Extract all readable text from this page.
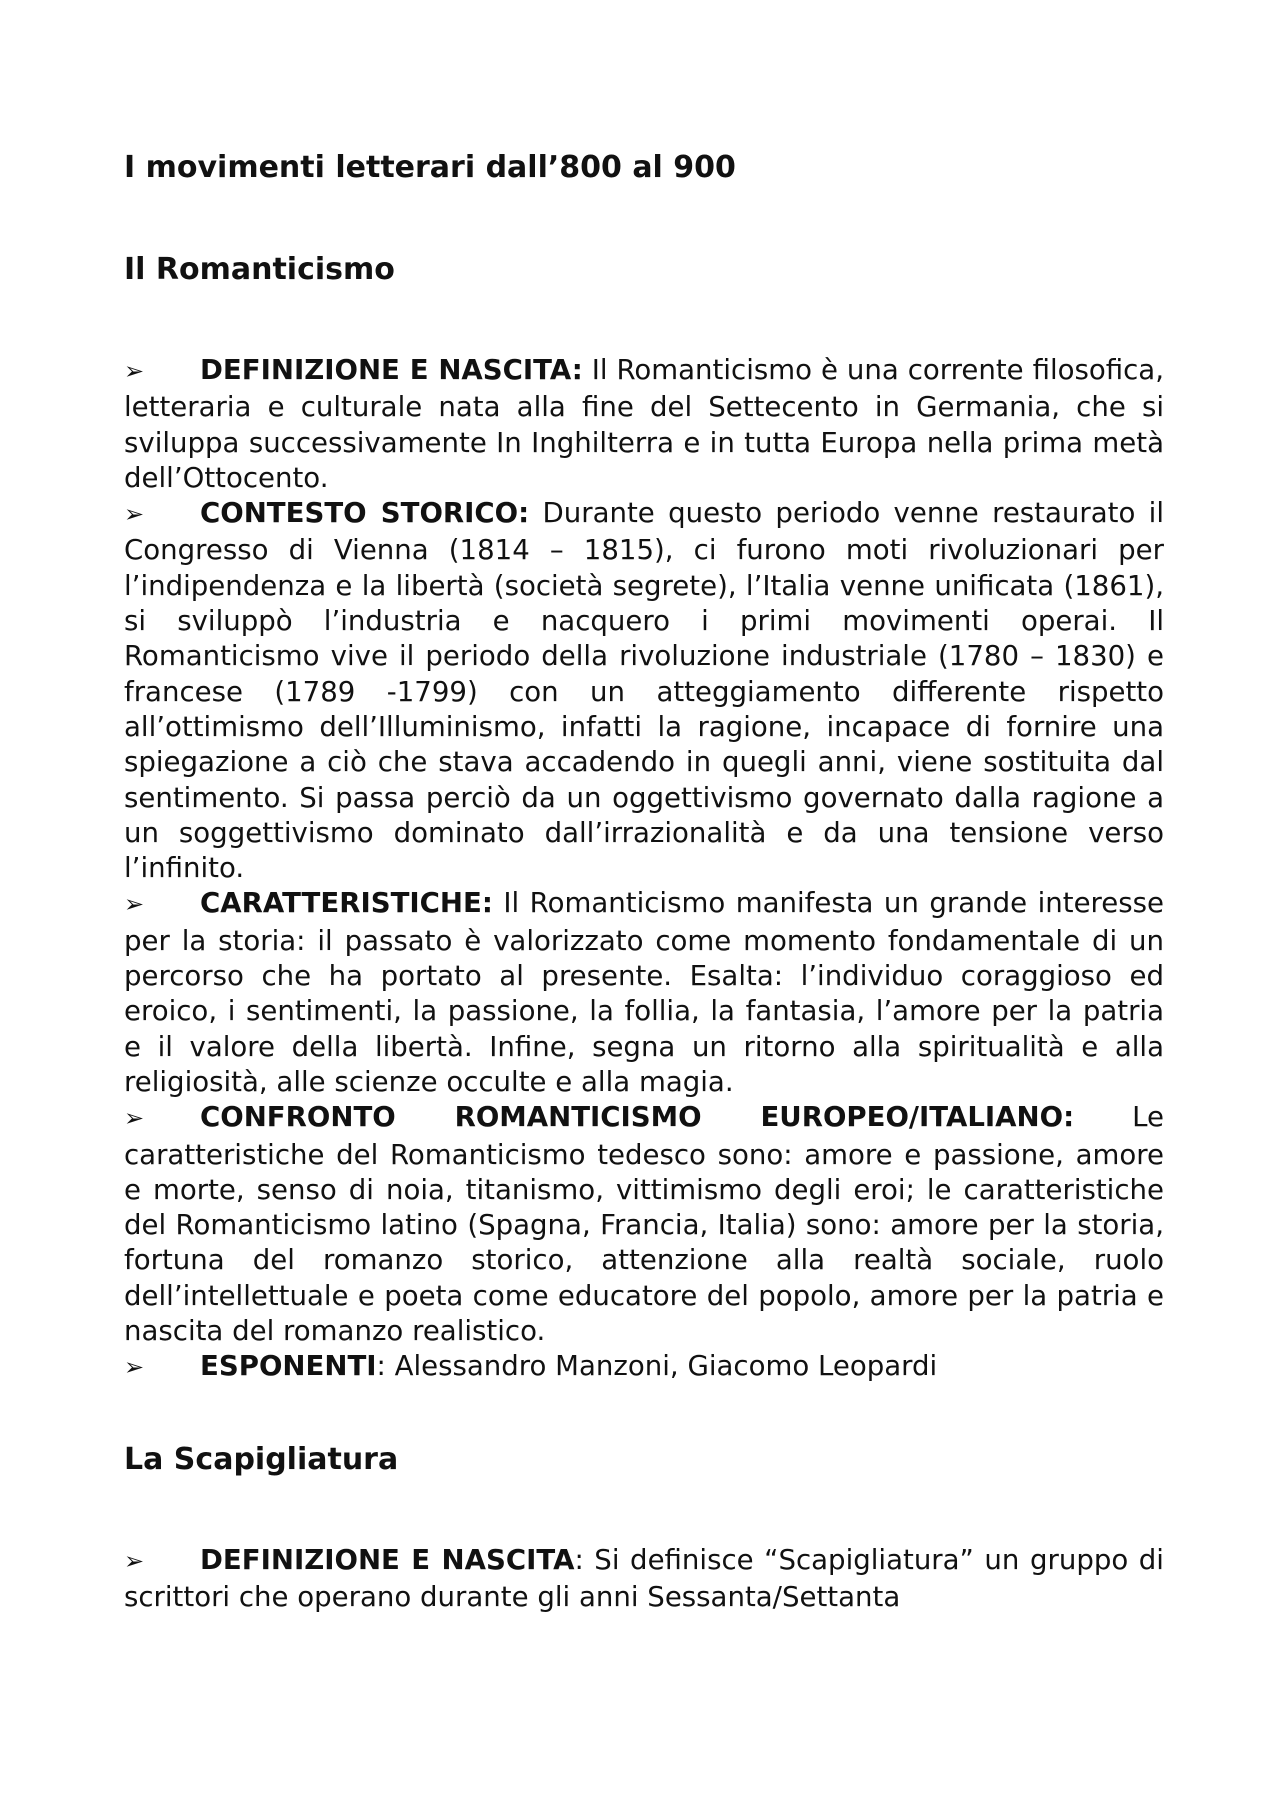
I movimenti letterari dall’800 al 900
Il Romanticismo
➢ DEFINIZIONE E NASCITA: Il Romanticismo è una corrente filosofica, letteraria e culturale nata alla fine del Settecento in Germania, che si sviluppa successivamente In Inghilterra e in tutta Europa nella prima metà dell’Ottocento.
➢ CONTESTO STORICO: Durante questo periodo venne restaurato il Congresso di Vienna (1814 – 1815), ci furono moti rivoluzionari per l’indipendenza e la libertà (società segrete), l’Italia venne unificata (1861), si sviluppò l’industria e nacquero i primi movimenti operai. Il Romanticismo vive il periodo della rivoluzione industriale (1780 – 1830) e francese (1789 -1799) con un atteggiamento differente rispetto all’ottimismo dell’Illuminismo, infatti la ragione, incapace di fornire una spiegazione a ciò che stava accadendo in quegli anni, viene sostituita dal sentimento. Si passa perciò da un oggettivismo governato dalla ragione a un soggettivismo dominato dall’irrazionalità e da una tensione verso l’infinito.
➢ CARATTERISTICHE: Il Romanticismo manifesta un grande interesse per la storia: il passato è valorizzato come momento fondamentale di un percorso che ha portato al presente. Esalta: l’individuo coraggioso ed eroico, i sentimenti, la passione, la follia, la fantasia, l’amore per la patria e il valore della libertà. Infine, segna un ritorno alla spiritualità e alla religiosità, alle scienze occulte e alla magia.
➢ CONFRONTO ROMANTICISMO EUROPEO/ITALIANO: Le caratteristiche del Romanticismo tedesco sono: amore e passione, amore e morte, senso di noia, titanismo, vittimismo degli eroi; le caratteristiche del Romanticismo latino (Spagna, Francia, Italia) sono: amore per la storia, fortuna del romanzo storico, attenzione alla realtà sociale, ruolo dell’intellettuale e poeta come educatore del popolo, amore per la patria e nascita del romanzo realistico.
➢ ESPONENTI: Alessandro Manzoni, Giacomo Leopardi
La Scapigliatura
➢ DEFINIZIONE E NASCITA: Si definisce “Scapigliatura” un gruppo di scrittori che operano durante gli anni Sessanta/Settanta
